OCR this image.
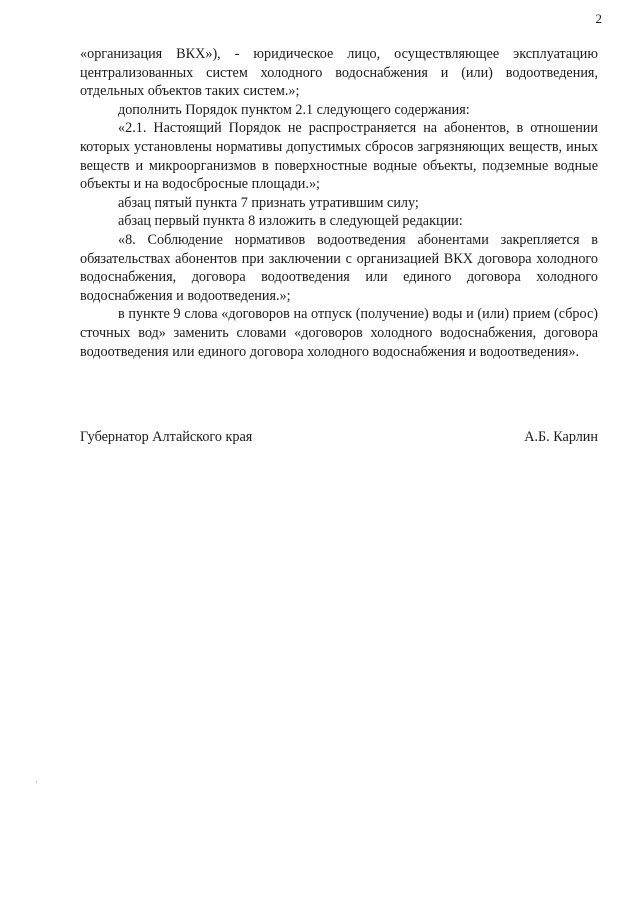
2

«организация ВКХ»), - юридическое лицо, осуществляющее эксплуатацию централизованных систем холодного водоснабжения и (или) водоотведения, отдельных объектов таких систем.»;

дополнить Порядок пунктом 2.1 следующего содержания:

«2.1. Настоящий Порядок не распространяется на абонентов, в отношении которых установлены нормативы допустимых сбросов загрязняющих веществ, иных веществ и микроорганизмов в поверхностные водные объекты, подземные водные объекты и на водосбросные площади.»;

абзац пятый пункта 7 признать утратившим силу;

абзац первый пункта 8 изложить в следующей редакции:

«8. Соблюдение нормативов водоотведения абонентами закрепляется в обязательствах абонентов при заключении с организацией ВКХ договора холодного водоснабжения, договора водоотведения или единого договора холодного водоснабжения и водоотведения.»;

в пункте 9 слова «договоров на отпуск (получение) воды и (или) прием (сброс) сточных вод» заменить словами «договоров холодного водоснабжения, договора водоотведения или единого договора холодного водоснабжения и водоотведения».

Губернатор Алтайского края	А.Б. Карлин
